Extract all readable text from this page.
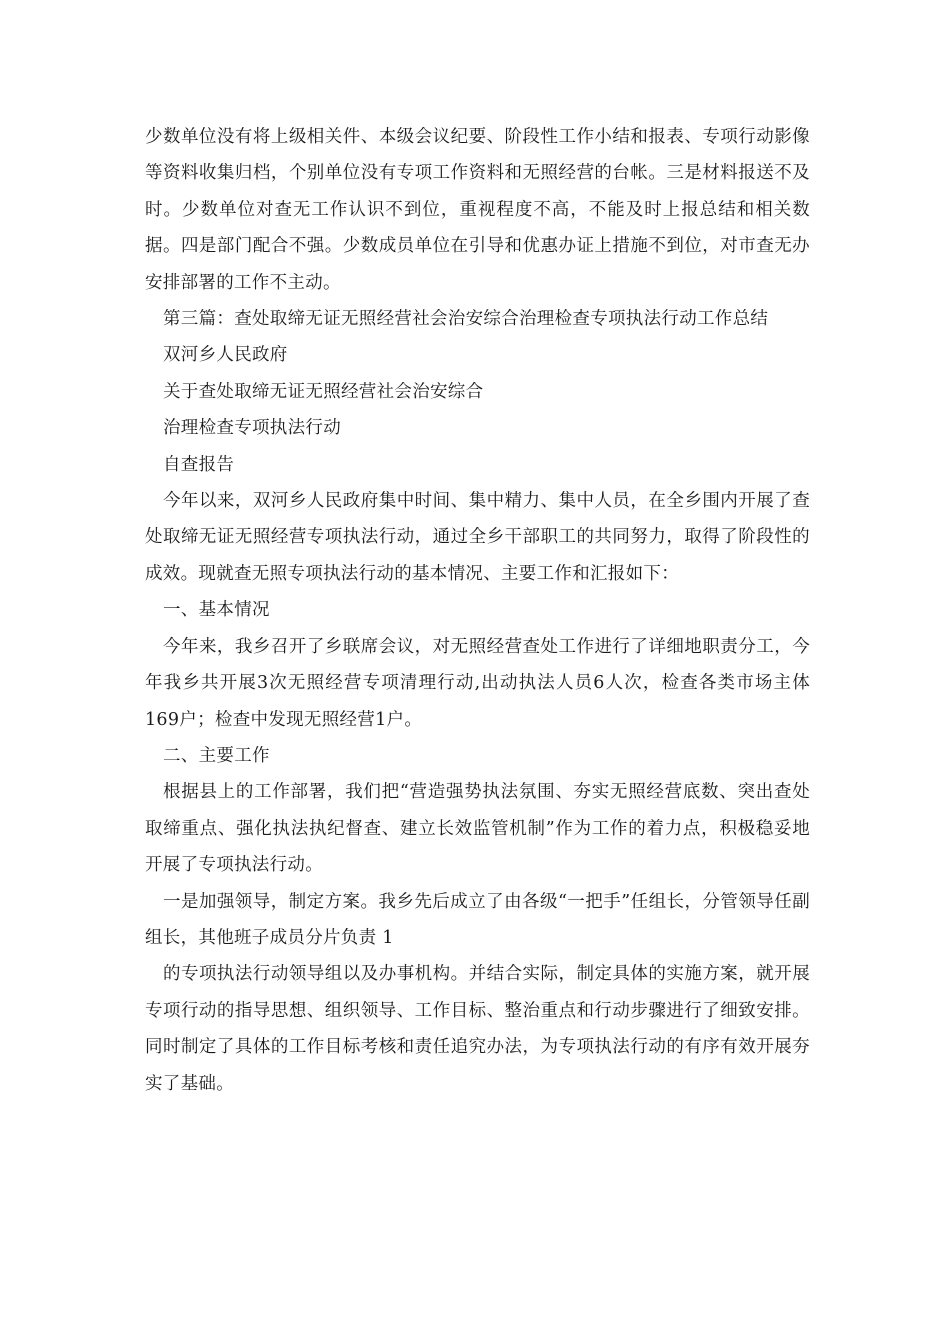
少数单位没有将上级相关件、本级会议纪要、阶段性工作小结和报表、专项行动影像等资料收集归档，个别单位没有专项工作资料和无照经营的台帐。三是材料报送不及时。少数单位对查无工作认识不到位，重视程度不高，不能及时上报总结和相关数据。四是部门配合不强。少数成员单位在引导和优惠办证上措施不到位，对市查无办安排部署的工作不主动。

第三篇：查处取缔无证无照经营社会治安综合治理检查专项执法行动工作总结

双河乡人民政府

关于查处取缔无证无照经营社会治安综合

治理检查专项执法行动

自查报告

今年以来，双河乡人民政府集中时间、集中精力、集中人员，在全乡围内开展了查处取缔无证无照经营专项执法行动，通过全乡干部职工的共同努力，取得了阶段性的成效。现就查无照专项执法行动的基本情况、主要工作和汇报如下：

一、基本情况

今年来，我乡召开了乡联席会议，对无照经营查处工作进行了详细地职责分工，今年我乡共开展3次无照经营专项清理行动,出动执法人员6人次，检查各类市场主体169户；检查中发现无照经营1户。

二、主要工作

根据县上的工作部署，我们把“营造强势执法氛围、夯实无照经营底数、突出查处取缔重点、强化执法执纪督查、建立长效监管机制”作为工作的着力点，积极稳妥地开展了专项执法行动。

一是加强领导，制定方案。我乡先后成立了由各级“一把手”任组长，分管领导任副组长，其他班子成员分片负责 1

的专项执法行动领导组以及办事机构。并结合实际，制定具体的实施方案，就开展专项行动的指导思想、组织领导、工作目标、整治重点和行动步骤进行了细致安排。同时制定了具体的工作目标考核和责任追究办法，为专项执法行动的有序有效开展夯实了基础。
